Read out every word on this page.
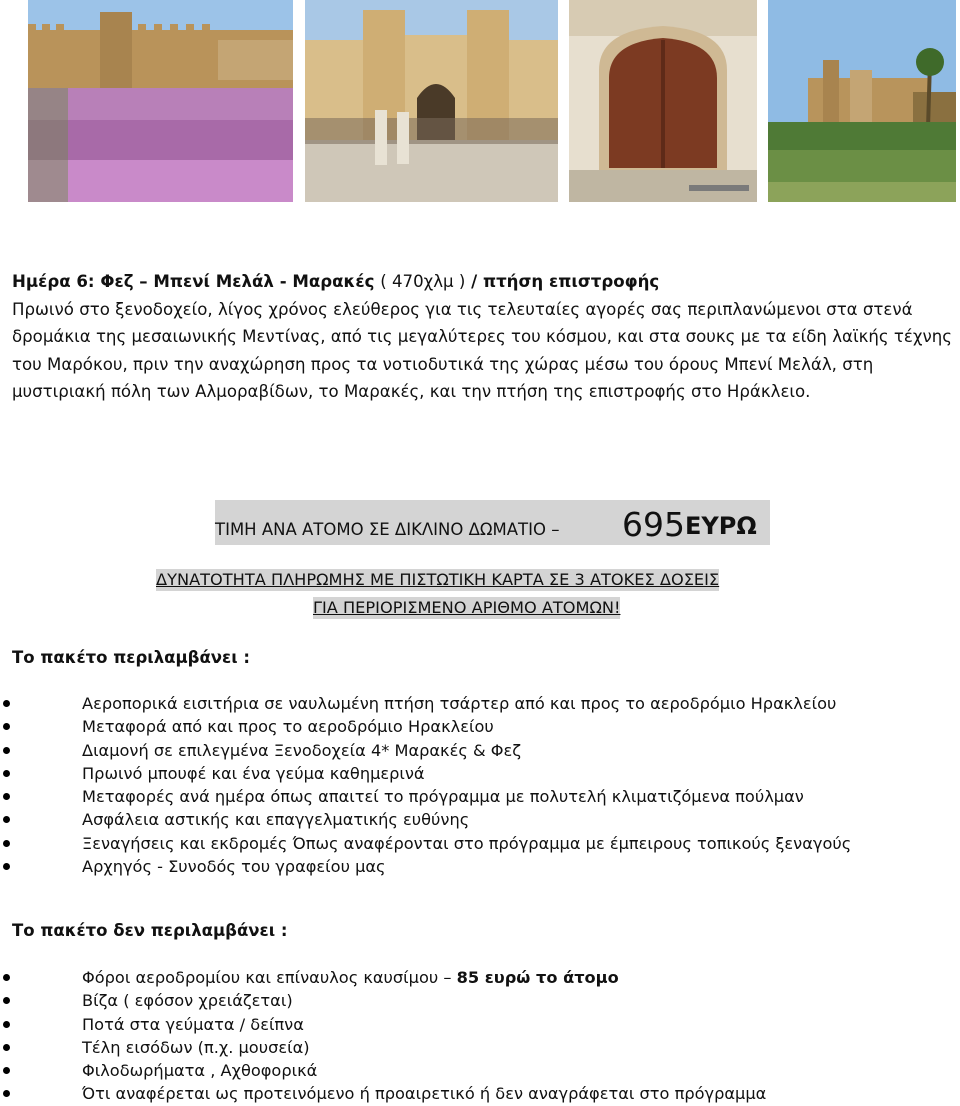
Ημέρα 6: Φεζ – Μπενί Μελάλ - Μαρακές ( 470χλμ ) / πτήση επιστροφής
Πρωινό στο ξενοδοχείο, λίγος χρόνος ελεύθερος για τις τελευταίες αγορές σας περιπλανώμενοι στα στενά δρομάκια της μεσαιωνικής Μεντίνας, από τις μεγαλύτερες του κόσμου, και στα σουκς με τα είδη λαϊκής τέχνης του Μαρόκου, πριν την αναχώρηση προς τα νοτιοδυτικά της χώρας μέσω του όρους Μπενί Μελάλ, στη μυστιριακή πόλη των Αλμοραβίδων, το Μαρακές, και την πτήση της επιστροφής στο Ηράκλειο.
ΤΙΜΗ ΑΝΑ ΑΤΟΜΟ ΣΕ ΔΙΚΛΙΝΟ ΔΩΜΑΤΙΟ – 695 ΕΥΡΩ
ΔΥΝΑΤΟΤΗΤΑ ΠΛΗΡΩΜΗΣ ΜΕ ΠΙΣΤΩΤΙΚΗ ΚΑΡΤΑ ΣΕ 3 ΑΤΟΚΕΣ ΔΟΣΕΙΣ
ΓΙΑ ΠΕΡΙΟΡΙΣΜΕΝΟ ΑΡΙΘΜΟ ΑΤΟΜΩΝ!
Το πακέτο περιλαμβάνει :
Αεροπορικά εισιτήρια σε ναυλωμένη πτήση τσάρτερ από και προς το αεροδρόμιο Ηρακλείου
Μεταφορά από και προς το αεροδρόμιο Ηρακλείου
Διαμονή σε επιλεγμένα Ξενοδοχεία 4* Μαρακές & Φεζ
Πρωινό μπουφέ και ένα γεύμα καθημερινά
Μεταφορές ανά ημέρα όπως απαιτεί το πρόγραμμα με πολυτελή κλιματιζόμενα πούλμαν
Ασφάλεια αστικής και επαγγελματικής ευθύνης
Ξεναγήσεις και εκδρομές Όπως αναφέρονται στο πρόγραμμα με έμπειρους τοπικούς ξεναγούς
Αρχηγός - Συνοδός του γραφείου μας
Το πακέτο δεν περιλαμβάνει :
Φόροι αεροδρομίου και επίναυλος καυσίμου – 85 ευρώ το άτομο
Βίζα ( εφόσον χρειάζεται)
Ποτά στα γεύματα / δείπνα
Τέλη εισόδων (π.χ. μουσεία)
Φιλοδωρήματα , Αχθοφορικά
Ότι αναφέρεται ως προτεινόμενο ή προαιρετικό ή δεν αναγράφεται στο πρόγραμμα
